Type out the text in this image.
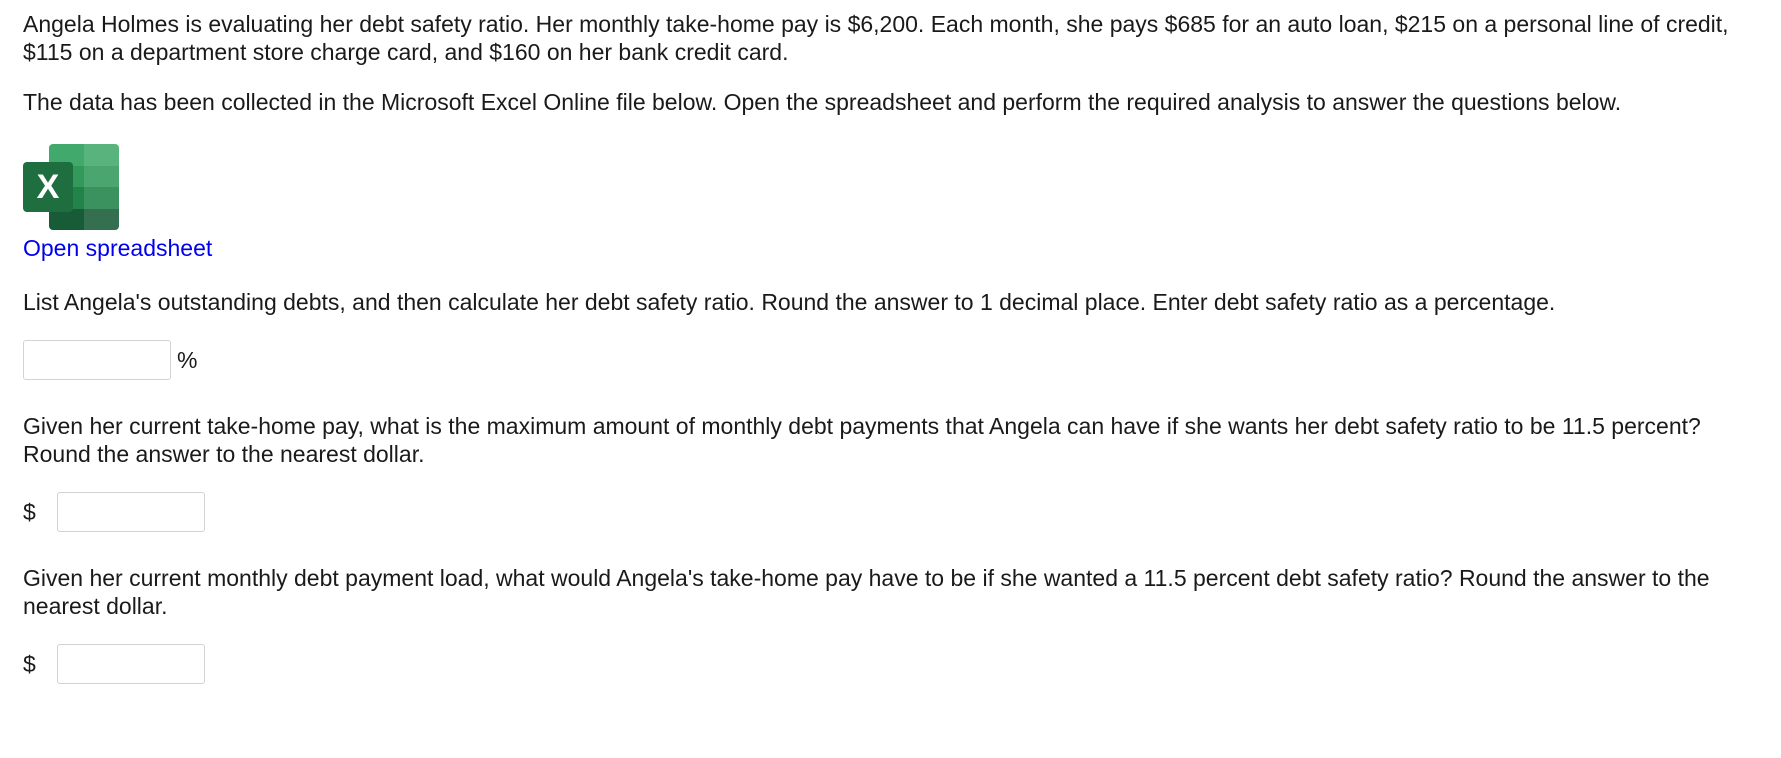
Angela Holmes is evaluating her debt safety ratio. Her monthly take-home pay is $6,200. Each month, she pays $685 for an auto loan, $215 on a personal line of credit, $115 on a department store charge card, and $160 on her bank credit card.

The data has been collected in the Microsoft Excel Online file below. Open the spreadsheet and perform the required analysis to answer the questions below.

X
Open spreadsheet

List Angela's outstanding debts, and then calculate her debt safety ratio. Round the answer to 1 decimal place. Enter debt safety ratio as a percentage.

%

Given her current take-home pay, what is the maximum amount of monthly debt payments that Angela can have if she wants her debt safety ratio to be 11.5 percent? Round the answer to the nearest dollar.

$

Given her current monthly debt payment load, what would Angela's take-home pay have to be if she wanted a 11.5 percent debt safety ratio? Round the answer to the nearest dollar.

$
